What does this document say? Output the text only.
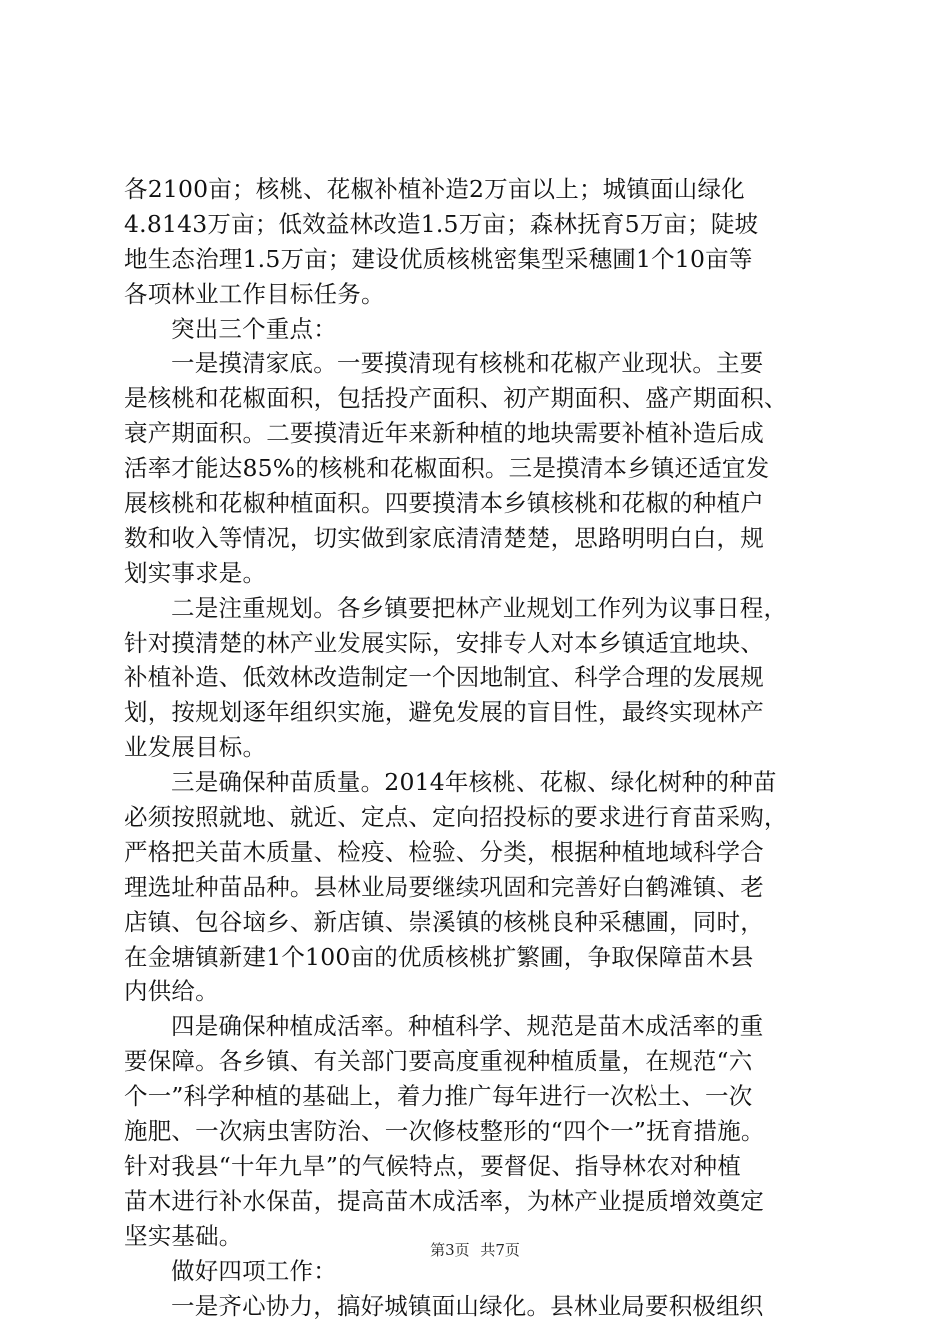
各2100亩；核桃、花椒补植补造2万亩以上；城镇面山绿化
4.8143万亩；低效益林改造1.5万亩；森林抚育5万亩；陡坡
地生态治理1.5万亩；建设优质核桃密集型采穗圃1个10亩等
各项林业工作目标任务。
突出三个重点：
一是摸清家底。一要摸清现有核桃和花椒产业现状。主要
是核桃和花椒面积，包括投产面积、初产期面积、盛产期面积、
衰产期面积。二要摸清近年来新种植的地块需要补植补造后成
活率才能达85%的核桃和花椒面积。三是摸清本乡镇还适宜发
展核桃和花椒种植面积。四要摸清本乡镇核桃和花椒的种植户
数和收入等情况，切实做到家底清清楚楚，思路明明白白，规
划实事求是。
二是注重规划。各乡镇要把林产业规划工作列为议事日程，
针对摸清楚的林产业发展实际，安排专人对本乡镇适宜地块、
补植补造、低效林改造制定一个因地制宜、科学合理的发展规
划，按规划逐年组织实施，避免发展的盲目性，最终实现林产
业发展目标。
三是确保种苗质量。2014年核桃、花椒、绿化树种的种苗
必须按照就地、就近、定点、定向招投标的要求进行育苗采购，
严格把关苗木质量、检疫、检验、分类，根据种植地域科学合
理选址种苗品种。县林业局要继续巩固和完善好白鹤滩镇、老
店镇、包谷垴乡、新店镇、崇溪镇的核桃良种采穗圃，同时，
在金塘镇新建1个100亩的优质核桃扩繁圃，争取保障苗木县
内供给。
四是确保种植成活率。种植科学、规范是苗木成活率的重
要保障。各乡镇、有关部门要高度重视种植质量，在规范“六
个一”科学种植的基础上，着力推广每年进行一次松土、一次
施肥、一次病虫害防治、一次修枝整形的“四个一”抚育措施。
针对我县“十年九旱”的气候特点，要督促、指导林农对种植
苗木进行补水保苗，提高苗木成活率，为林产业提质增效奠定
坚实基础。
做好四项工作：
一是齐心协力，搞好城镇面山绿化。县林业局要积极组织
第3页 共7页
